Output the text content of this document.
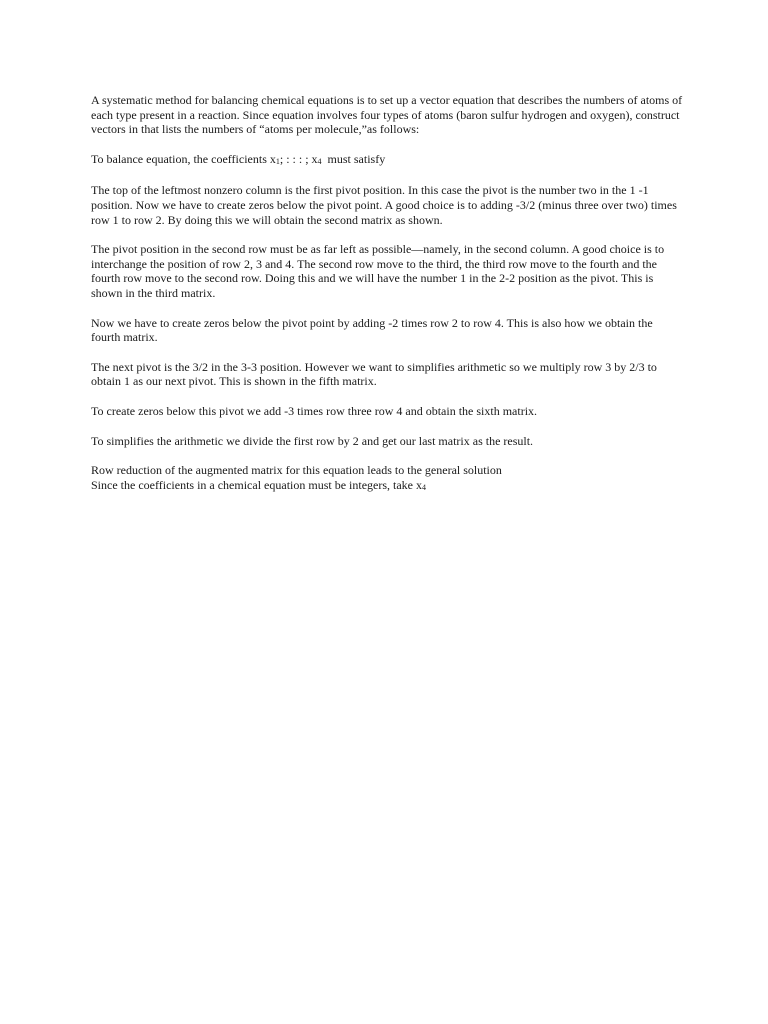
A systematic method for balancing chemical equations is to set up a vector equation that describes the numbers of atoms of each type present in a reaction. Since equation involves four types of atoms (baron sulfur hydrogen and oxygen), construct vectors in that lists the numbers of “atoms per molecule,”as follows:

To balance equation, the coefficients x1; : : : ; x4  must satisfy

The top of the leftmost nonzero column is the first pivot position. In this case the pivot is the number two in the 1 -1 position. Now we have to create zeros below the pivot point. A good choice is to adding -3/2 (minus three over two) times row 1 to row 2. By doing this we will obtain the second matrix as shown.

The pivot position in the second row must be as far left as possible—namely, in the second column. A good choice is to interchange the position of row 2, 3 and 4. The second row move to the third, the third row move to the fourth and the fourth row move to the second row. Doing this and we will have the number 1 in the 2-2 position as the pivot. This is shown in the third matrix.

Now we have to create zeros below the pivot point by adding -2 times row 2 to row 4. This is also how we obtain the fourth matrix.

The next pivot is the 3/2 in the 3-3 position. However we want to simplifies arithmetic so we multiply row 3 by 2/3 to obtain 1 as our next pivot. This is shown in the fifth matrix.

To create zeros below this pivot we add -3 times row three row 4 and obtain the sixth matrix.

To simplifies the arithmetic we divide the first row by 2 and get our last matrix as the result.

Row reduction of the augmented matrix for this equation leads to the general solution

Since the coefficients in a chemical equation must be integers, take x4
